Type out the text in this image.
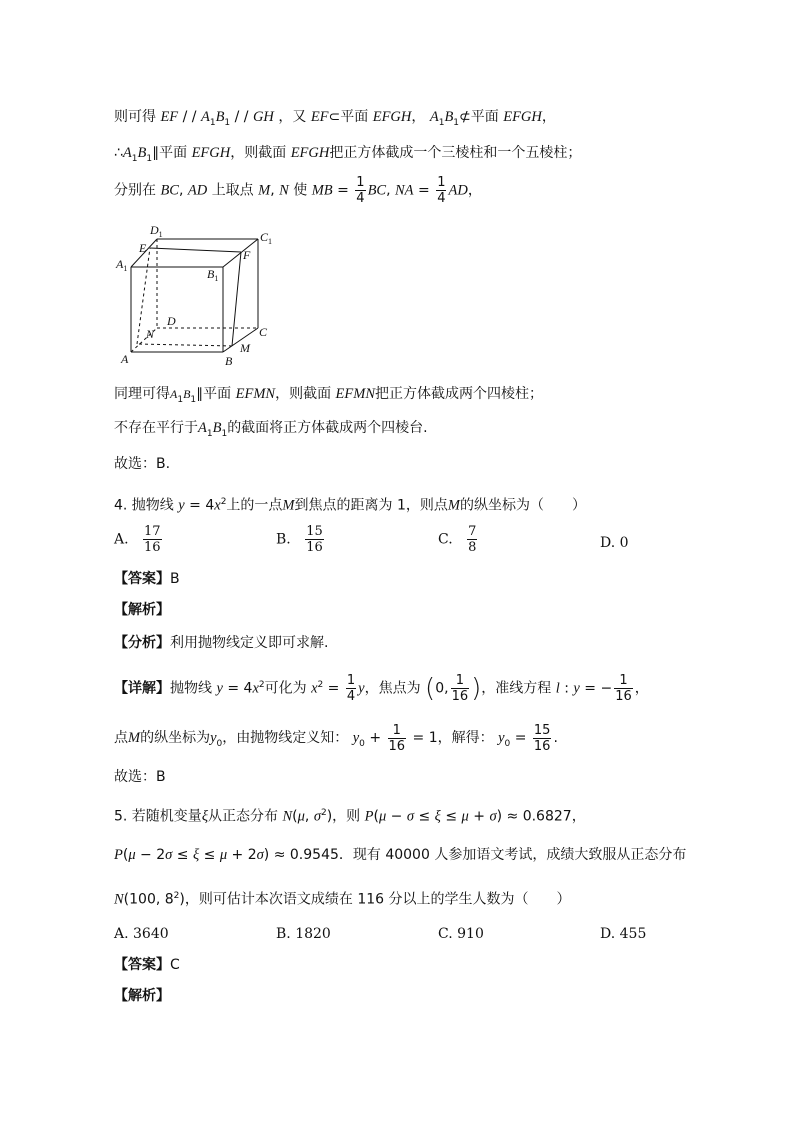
则可得 EF / / $A_1B_1$ / / GH ，又 EF⊂平面 EFGH， $A_1B_1⊄$平面 EFGH，
$\therefore A_1B_1\parallel$平面 EFGH，则截面 EFGH把正方体截成一个三棱柱和一个五棱柱；
分别在 BC, AD 上取点 M, N 使 MB = $\frac{1}{4}$ BC, NA = $\frac{1}{4}$ AD，
$D_1$	$C_1$
E
$A_1$
F
$B_1$
D
N	C
M
A	B
同理可得$A_1B_1\parallel$平面 EFMN，则截面 EFMN把正方体截成两个四棱柱；
不存在平行于$A_1B_1$的截面将正方体截成两个四棱台.
故选：B.
4. 抛物线 $y = 4x^2$上的一点M到焦点的距离为 1，则点M的纵坐标为（　　）
A. $\frac{17}{16}$	B. $\frac{15}{16}$	C. $\frac{7}{8}$	D. 0
【答案】B
【解析】
【分析】利用抛物线定义即可求解.
【详解】抛物线 $y = 4x^2$可化为 $x^2 = \frac{1}{4}$ y，焦点为 (0, $\frac{1}{16}$ )，准线方程 l : y = − $\frac{1}{16}$ ，
点M的纵坐标为$y_0$，由抛物线定义知： $y_0 + \frac{1}{16} = 1$，解得： $y_0 = \frac{15}{16}$ .
故选：B
5. 若随机变量ξ从正态分布 N(μ, $\sigma^2$)，则 P(μ − σ ≤ ξ ≤ μ + σ) ≈ 0.6827，
P(μ − 2σ ≤ ξ ≤ μ + 2σ) ≈ 0.9545．现有 40000 人参加语文考试，成绩大致服从正态分布
N(100, $8^2$)，则可估计本次语文成绩在 116 分以上的学生人数为（　　）
A. 3640	B. 1820	C. 910	D. 455
【答案】C
【解析】
